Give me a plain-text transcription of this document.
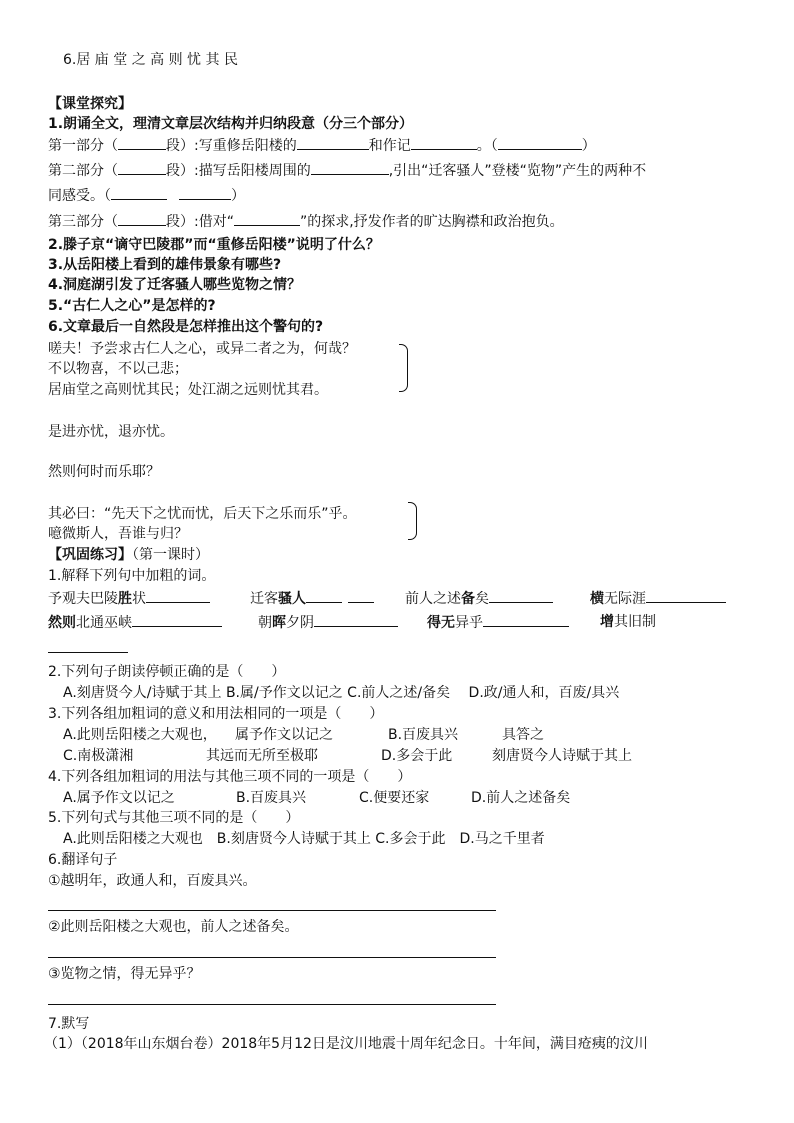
6.居 庙 堂 之 高 则 忧 其 民
【课堂探究】
1.朗诵全文，理清文章层次结构并归纳段意（分三个部分）
第一部分（	段）:写重修岳阳楼的	和作记	。（	）
第二部分（	段）:描写岳阳楼周围的	,引出“迁客骚人”登楼“览物”产生的两种不
同感受。（	）
第三部分（	段）:借对“	”的探求,抒发作者的旷达胸襟和政治抱负。
2.滕子京“谪守巴陵郡”而“重修岳阳楼”说明了什么？
3.从岳阳楼上看到的雄伟景象有哪些?
4.洞庭湖引发了迁客骚人哪些览物之情？
5.“古仁人之心”是怎样的?
6.文章最后一自然段是怎样推出这个警句的?
嗟夫！予尝求古仁人之心，或异二者之为，何哉？
不以物喜，不以己悲；
居庙堂之高则忧其民；处江湖之远则忧其君。
是进亦忧，退亦忧。
然则何时而乐耶？
其必曰：“先天下之忧而忧，后天下之乐而乐”乎。
噫微斯人，吾谁与归？
【巩固练习】（第一课时）
1.解释下列句中加粗的词。
予观夫巴陵胜状	迁客骚人	前人之述备矣	横无际涯
然则北通巫峡	朝晖夕阴	得无异乎	增其旧制
2.下列句子朗读停顿正确的是（　　）
A.刻唐贤今人/诗赋于其上 B.属/予作文以记之 C.前人之述/备矣　 D.政/通人和，百废/具兴
3.下列各组加粗词的意义和用法相同的一项是（　　）
A.此则岳阳楼之大观也， 属予作文以记之	B.百废具兴	具答之
C.南极潇湘	其远而无所至极耶	D.多会于此	刻唐贤今人诗赋于其上
4.下列各组加粗词的用法与其他三项不同的一项是（　　）
A.属予作文以记之	B.百废具兴	C.便要还家	D.前人之述备矣
5.下列句式与其他三项不同的是（　　）
A.此则岳阳楼之大观也　B.刻唐贤今人诗赋于其上 C.多会于此　D.马之千里者
6.翻译句子
①越明年，政通人和，百废具兴。
②此则岳阳楼之大观也，前人之述备矣。
③览物之情，得无异乎？
7.默写
（1）（2018年山东烟台卷）2018年5月12日是汶川地震十周年纪念日。十年间，满目疮痍的汶川
